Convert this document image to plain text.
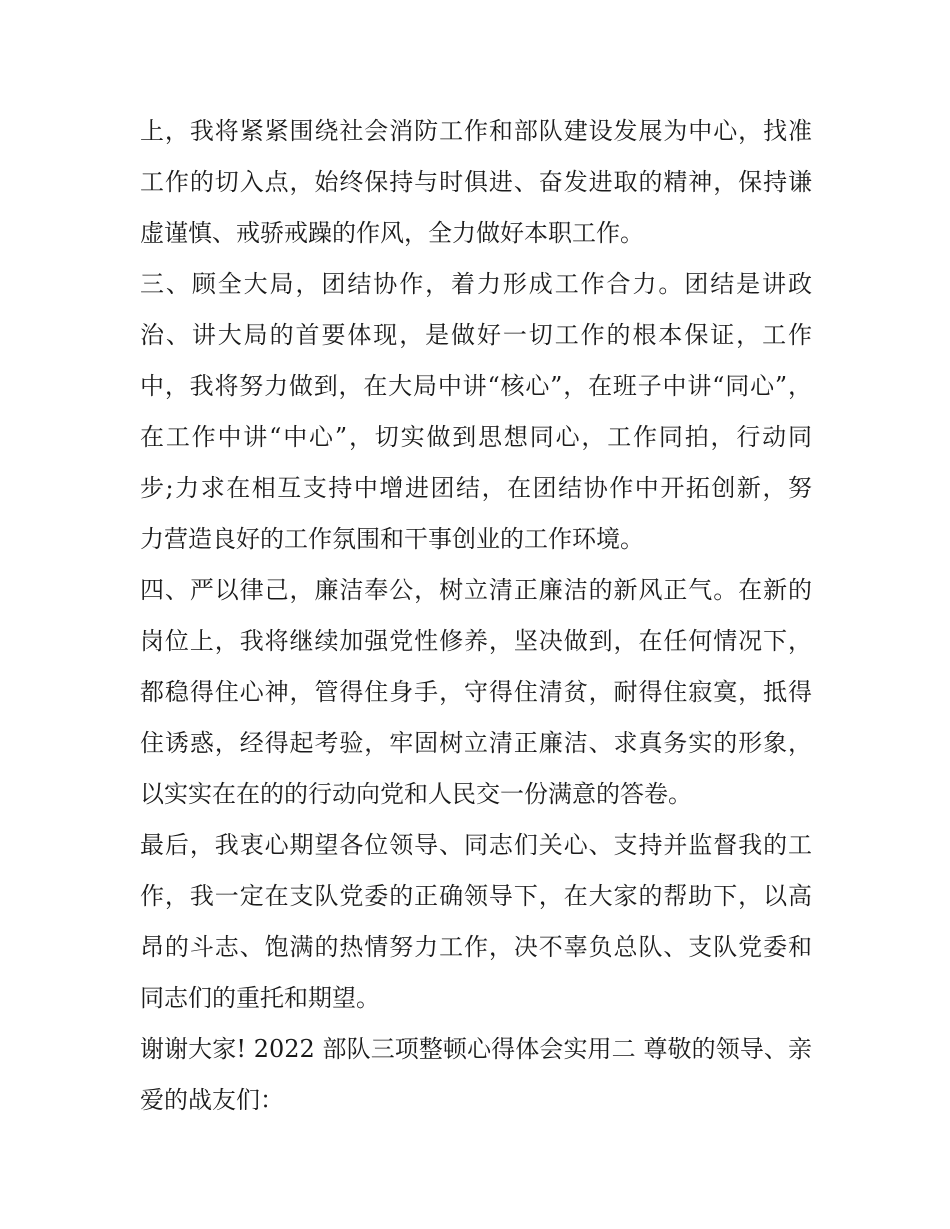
上，我将紧紧围绕社会消防工作和部队建设发展为中心，找准
工作的切入点，始终保持与时俱进、奋发进取的精神，保持谦
虚谨慎、戒骄戒躁的作风，全力做好本职工作。
三、顾全大局，团结协作，着力形成工作合力。团结是讲政
治、讲大局的首要体现，是做好一切工作的根本保证，工作
中，我将努力做到，在大局中讲“核心”，在班子中讲“同心”，
在工作中讲“中心”，切实做到思想同心，工作同拍，行动同
步;力求在相互支持中增进团结，在团结协作中开拓创新，努
力营造良好的工作氛围和干事创业的工作环境。
四、严以律己，廉洁奉公，树立清正廉洁的新风正气。在新的
岗位上，我将继续加强党性修养，坚决做到，在任何情况下，
都稳得住心神，管得住身手，守得住清贫，耐得住寂寞，抵得
住诱惑，经得起考验，牢固树立清正廉洁、求真务实的形象，
以实实在在的的行动向党和人民交一份满意的答卷。
最后，我衷心期望各位领导、同志们关心、支持并监督我的工
作，我一定在支队党委的正确领导下，在大家的帮助下，以高
昂的斗志、饱满的热情努力工作，决不辜负总队、支队党委和
同志们的重托和期望。
谢谢大家! 2022 部队三项整顿心得体会实用二 尊敬的领导、亲
爱的战友们：
